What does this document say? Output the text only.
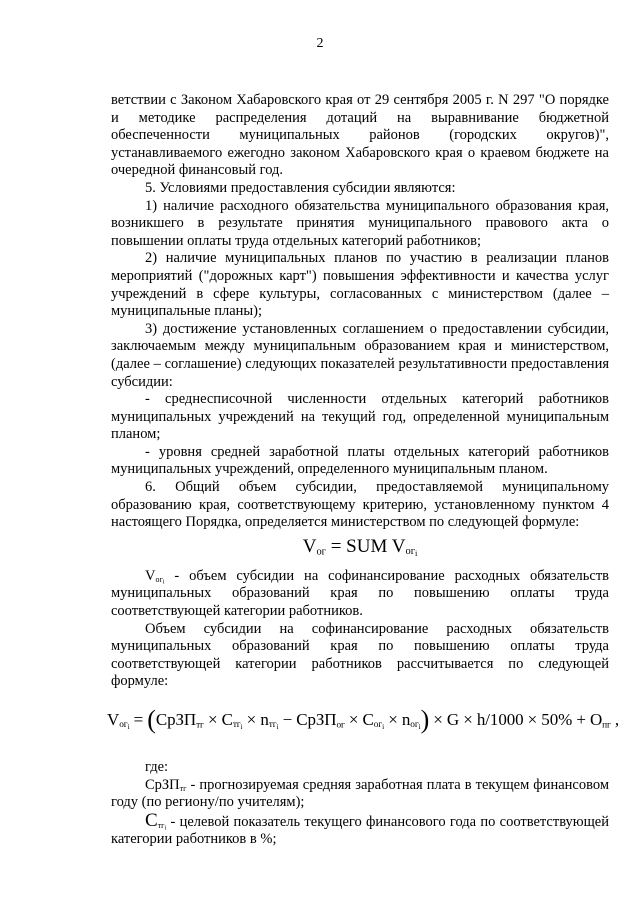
2

ветствии с Законом Хабаровского края от 29 сентября 2005 г. N 297 "О порядке и методике распределения дотаций на выравнивание бюджетной обеспеченности муниципальных районов (городских округов)", устанавливаемого ежегодно законом Хабаровского края о краевом бюджете на очередной финансовый год.

5. Условиями предоставления субсидии являются:

1) наличие расходного обязательства муниципального образования края, возникшего в результате принятия муниципального правового акта о повышении оплаты труда отдельных категорий работников;

2) наличие муниципальных планов по участию в реализации планов мероприятий ("дорожных карт") повышения эффективности и качества услуг учреждений в сфере культуры, согласованных с министерством (далее – муниципальные планы);

3) достижение установленных соглашением о предоставлении субсидии, заключаемым между муниципальным образованием края и министерством, (далее – соглашение) следующих показателей результативности предоставления субсидии:

- среднесписочной численности отдельных категорий работников муниципальных учреждений на текущий год, определенной муниципальным планом;

- уровня средней заработной платы отдельных категорий работников муниципальных учреждений, определенного муниципальным планом.

6. Общий объем субсидии, предоставляемой муниципальному образованию края, соответствующему критерию, установленному пунктом 4 настоящего Порядка, определяется министерством по следующей формуле:

$V_{ог}$ = SUM $V_{ог_i}$

$V_{ог_i}$ - объем субсидии на софинансирование расходных обязательств муниципальных образований края по повышению оплаты труда соответствующей категории работников.

Объем субсидии на софинансирование расходных обязательств муниципальных образований края по повышению оплаты труда соответствующей категории работников рассчитывается по следующей формуле:

$V_{ог_i}$ = (СрЗП$_{тг}$ × $С_{тг_i} \times n_{тг_i}$ − СрЗП$_{ог}$ × $С_{ог_i} \times n_{ог_i}) \times G \times h/1000 \times 50\% + О_{пг}$ ,

где:

СрЗП$_{тг}$ - прогнозируемая средняя заработная плата в текущем финансовом году (по региону/по учителям);

$С_{тг_i}$ - целевой показатель текущего финансового года по соответствующей категории работников в %;
